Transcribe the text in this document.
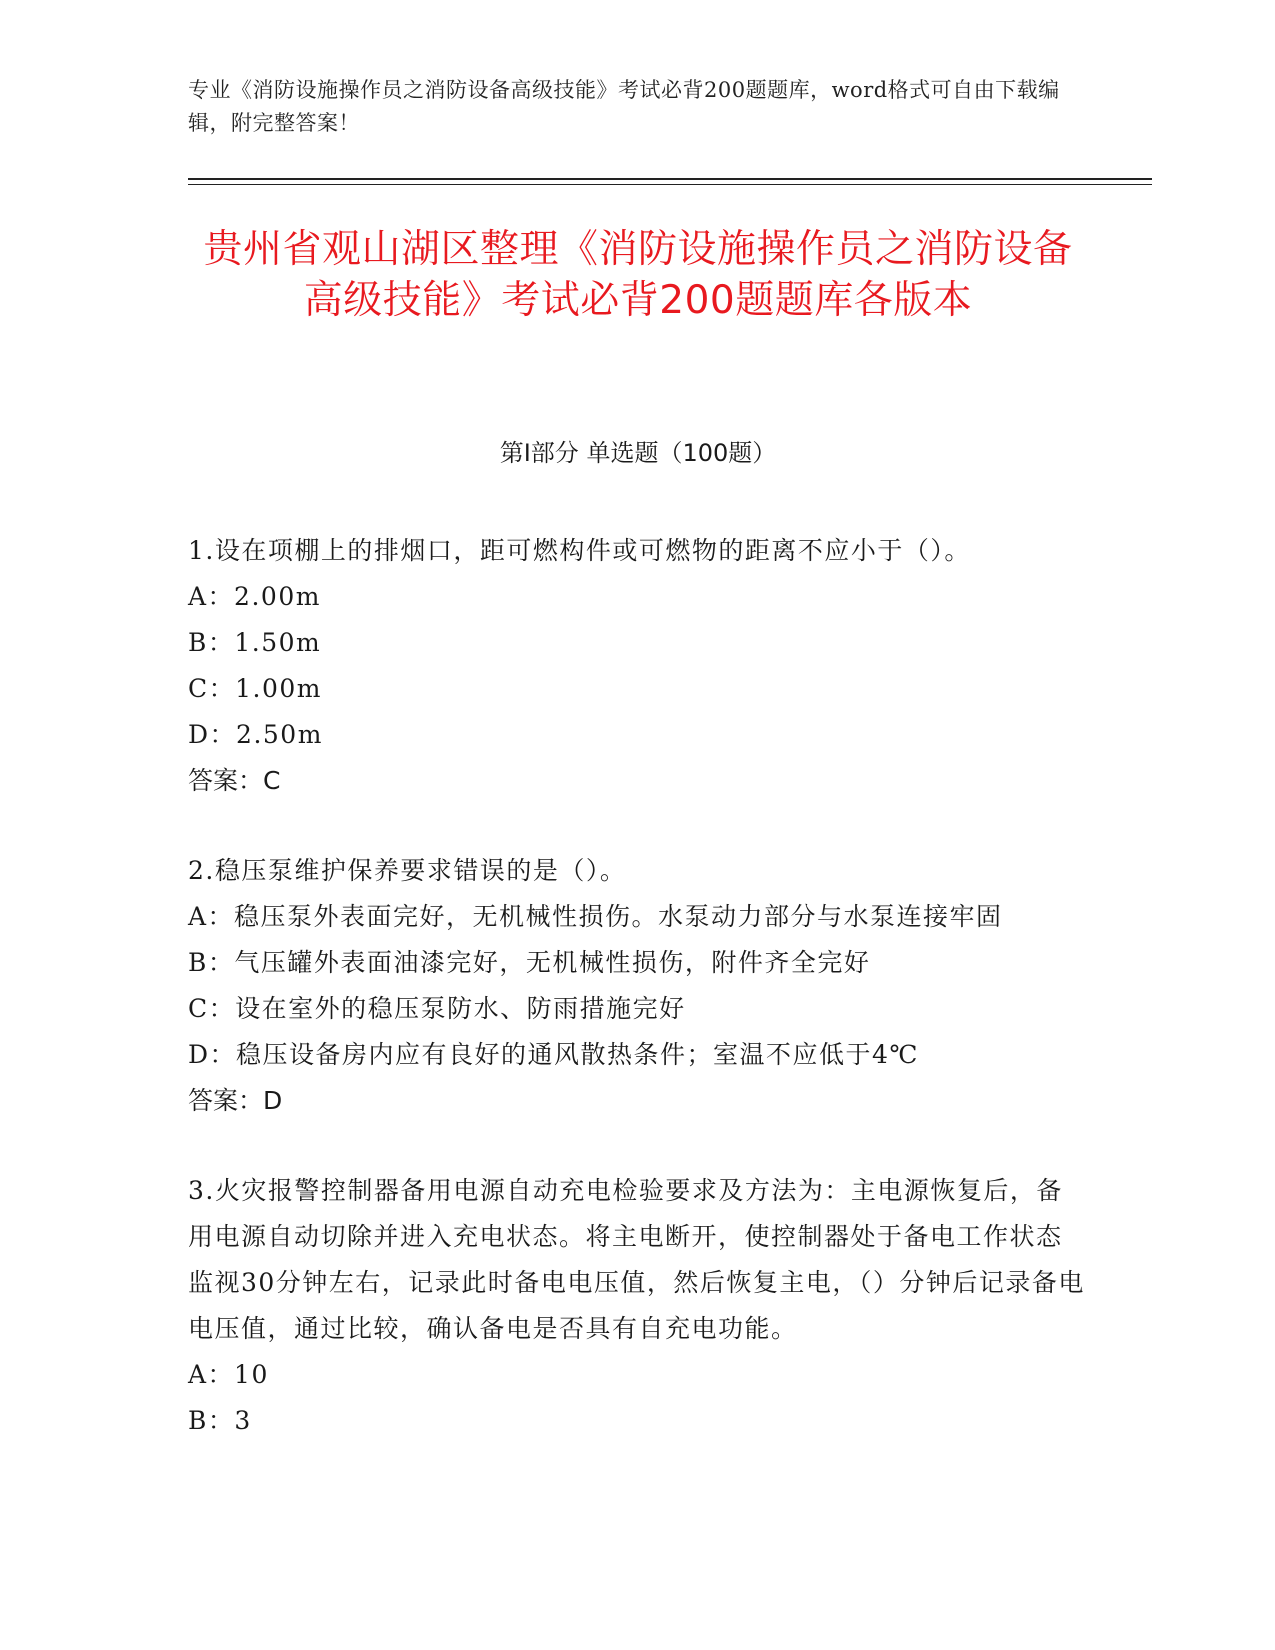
专业《消防设施操作员之消防设备高级技能》考试必背200题题库，word格式可自由下载编辑，附完整答案！
贵州省观山湖区整理《消防设施操作员之消防设备高级技能》考试必背200题题库各版本
第I部分 单选题（100题）

1.设在项棚上的排烟口，距可燃构件或可燃物的距离不应小于（）。

A：2.00m

B：1.50m

C：1.00m

D：2.50m

答案：C

2.稳压泵维护保养要求错误的是（）。

A：稳压泵外表面完好，无机械性损伤。水泵动力部分与水泵连接牢固

B：气压罐外表面油漆完好，无机械性损伤，附件齐全完好

C：设在室外的稳压泵防水、防雨措施完好

D：稳压设备房内应有良好的通风散热条件；室温不应低于4℃

答案：D

3.火灾报警控制器备用电源自动充电检验要求及方法为：主电源恢复后，备用电源自动切除并进入充电状态。将主电断开，使控制器处于备电工作状态监视30分钟左右，记录此时备电电压值，然后恢复主电，（）分钟后记录备电电压值，通过比较，确认备电是否具有自充电功能。

A：10

B：3
